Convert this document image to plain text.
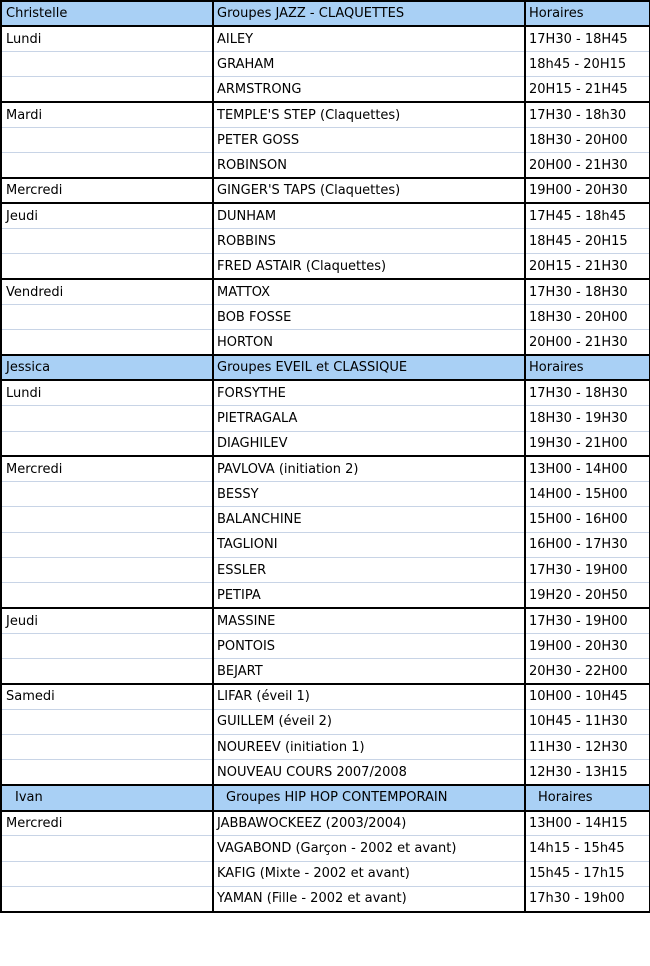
Christelle	Groupes JAZZ - CLAQUETTES	Horaires
Lundi	AILEY	17H30 - 18H45
	GRAHAM	18h45 - 20H15
	ARMSTRONG	20H15 - 21H45
Mardi	TEMPLE'S STEP (Claquettes)	17H30 - 18h30
	PETER GOSS	18H30 - 20H00
	ROBINSON	20H00 - 21H30
Mercredi	GINGER'S TAPS (Claquettes)	19H00 - 20H30
Jeudi	DUNHAM	17H45 - 18h45
	ROBBINS	18H45 - 20H15
	FRED ASTAIR (Claquettes)	20H15 - 21H30
Vendredi	MATTOX	17H30 - 18H30
	BOB FOSSE	18H30 - 20H00
	HORTON	20H00 - 21H30
Jessica	Groupes EVEIL et CLASSIQUE	Horaires
Lundi	FORSYTHE	17H30 - 18H30
	PIETRAGALA	18H30 - 19H30
	DIAGHILEV	19H30 - 21H00
Mercredi	PAVLOVA (initiation 2)	13H00 - 14H00
	BESSY	14H00 - 15H00
	BALANCHINE	15H00 - 16H00
	TAGLIONI	16H00 - 17H30
	ESSLER	17H30 - 19H00
	PETIPA	19H20 - 20H50
Jeudi	MASSINE	17H30 - 19H00
	PONTOIS	19H00 - 20H30
	BEJART	20H30 - 22H00
Samedi	LIFAR (éveil 1)	10H00 - 10H45
	GUILLEM (éveil 2)	10H45 - 11H30
	NOUREEV (initiation 1)	11H30 - 12H30
	NOUVEAU COURS 2007/2008	12H30 - 13H15
Ivan	Groupes HIP HOP CONTEMPORAIN	Horaires
Mercredi	JABBAWOCKEEZ (2003/2004)	13H00 - 14H15
	VAGABOND (Garçon - 2002 et avant)	14h15 - 15h45
	KAFIG (Mixte - 2002 et avant)	15h45 - 17h15
	YAMAN (Fille - 2002 et avant)	17h30 - 19h00
